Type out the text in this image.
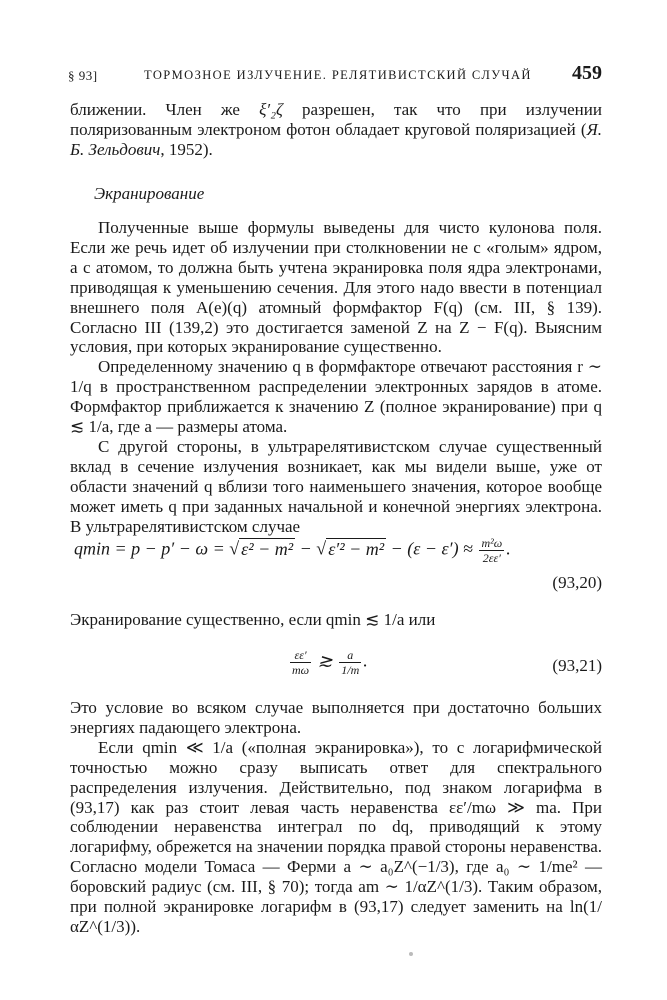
§ 93]	ТОРМОЗНОЕ ИЗЛУЧЕНИЕ. РЕЛЯТИВИСТСКИЙ СЛУЧАЙ 459

ближении. Член же ξ′₂ζ разрешен, так что при излучении поляризованным электроном фотон обладает круговой поляризацией (Я. Б. Зельдович, 1952).

Экранирование

Полученные выше формулы выведены для чисто кулонова поля. Если же речь идет об излучении при столкновении не с «голым» ядром, а с атомом, то должна быть учтена экранировка поля ядра электронами, приводящая к уменьшению сечения. Для этого надо ввести в потенциал внешнего поля A(e)(q) атомный формфактор F(q) (см. III, § 139). Согласно III (139,2) это достигается заменой Z на Z − F(q). Выясним условия, при которых экранирование существенно.

Определенному значению q в формфакторе отвечают расстояния r ∼ 1/q в пространственном распределении электронных зарядов в атоме. Формфактор приближается к значению Z (полное экранирование) при q ≲ 1/a, где a — размеры атома.

С другой стороны, в ультрарелятивистском случае существенный вклад в сечение излучения возникает, как мы видели выше, уже от области значений q вблизи того наименьшего значения, которое вообще может иметь q при заданных начальной и конечной энергиях электрона. В ультрарелятивистском случае

qmin = p − p′ − ω = √ ε² − m² − √ $\varepsilon'^2 - m^2 - (\varepsilon - \varepsilon') \approx \frac{\text{m²ω}}{2\varepsilon\varepsilon'}$ .
(93,20)

Экранирование существенно, если qmin ≲ 1/a или

$\frac{\varepsilon\varepsilon'}{m\omega}$ ≳ $\frac{a}{1/m}$ .	(93,21)

Это условие во всяком случае выполняется при достаточно больших энергиях падающего электрона.

Если qmin ≪ 1/a («полная экранировка»), то с логарифмической точностью можно сразу выписать ответ для спектрального распределения излучения. Действительно, под знаком логарифма в (93,17) как раз стоит левая часть неравенства εε′/mω ≫ ma. При соблюдении неравенства интеграл по dq, приводящий к этому логарифму, обрежется на значении порядка правой стороны неравенства. Согласно модели Томаса — Ферми a ∼ a₀Z^(−1/3), где a₀ ∼ 1/me² — боровский радиус (см. III, § 70); тогда am ∼ 1/αZ^(1/3). Таким образом, при полной экранировке логарифм в (93,17) следует заменить на ln(1/αZ^(1/3)).
